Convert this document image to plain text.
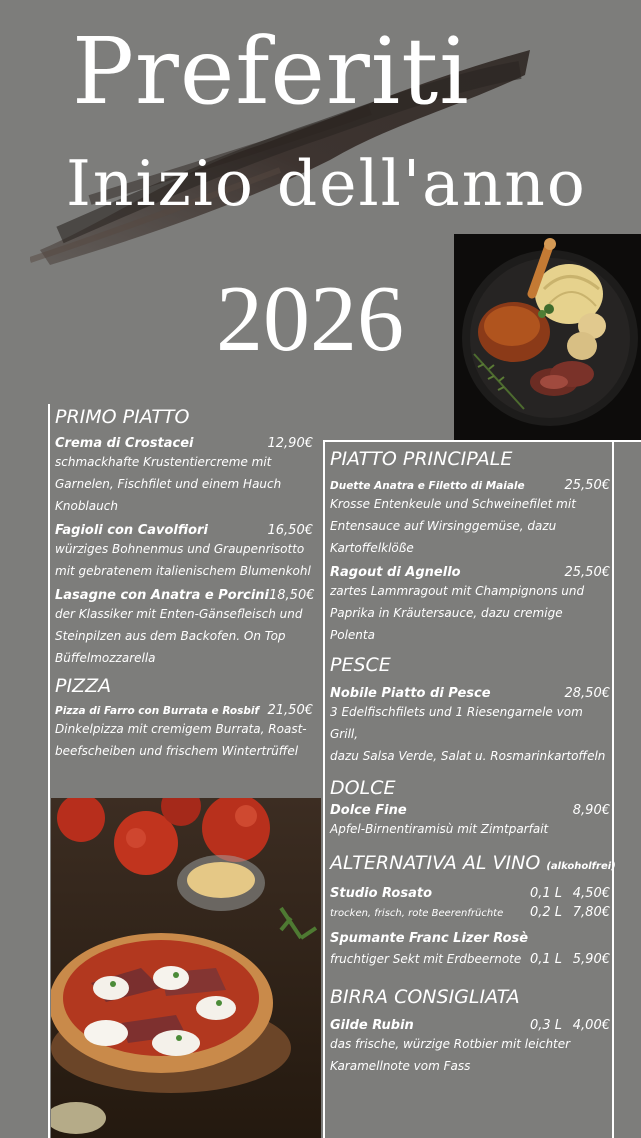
Preferiti
Inizio dell'anno
2026
PRIMO PIATTO
Crema di Crostacei	12,90€
schmackhafte Krustentiercreme mit
Garnelen, Fischfilet und einem Hauch
Knoblauch
Fagioli con Cavolfiori	16,50€
würziges Bohnenmus und Graupenrisotto
mit gebratenem italienischem Blumenkohl
Lasagne con Anatra e Porcini 18,50€
der Klassiker mit Enten-Gänsefleisch und
Steinpilzen aus dem Backofen. On Top
Büffelmozzarella
PIZZA
Pizza di Farro con Burrata e Rosbif 21,50€
Dinkelpizza mit cremigem Burrata, Roast-
beefscheiben und frischem Wintertrüffel
PIATTO PRINCIPALE
Duette Anatra e Filetto di Maiale	25,50€
Krosse Entenkeule und Schweinefilet mit
Entensauce auf Wirsinggemüse, dazu
Kartoffelklöße
Ragout di Agnello	25,50€
zartes Lammragout mit Champignons und
Paprika in Kräutersauce, dazu cremige Polenta
PESCE
Nobile Piatto di Pesce	28,50€
3 Edelfischfilets und 1 Riesengarnele vom Grill,
dazu Salsa Verde, Salat u. Rosmarinkartoffeln
DOLCE
Dolce Fine	8,90€
Apfel-Birnentiramisù mit Zimtparfait
ALTERNATIVA AL VINO (alkoholfrei)
Studio Rosato	0,1 L 4,50€
trocken, frisch, rote Beerenfrüchte	0,2 L 7,80€
Spumante Franc Lizer Rosè
fruchtiger Sekt mit Erdbeernote 0,1 L 5,90€
BIRRA CONSIGLIATA
Gilde Rubin	0,3 L 4,00€
das frische, würzige Rotbier mit leichter
Karamellnote vom Fass
